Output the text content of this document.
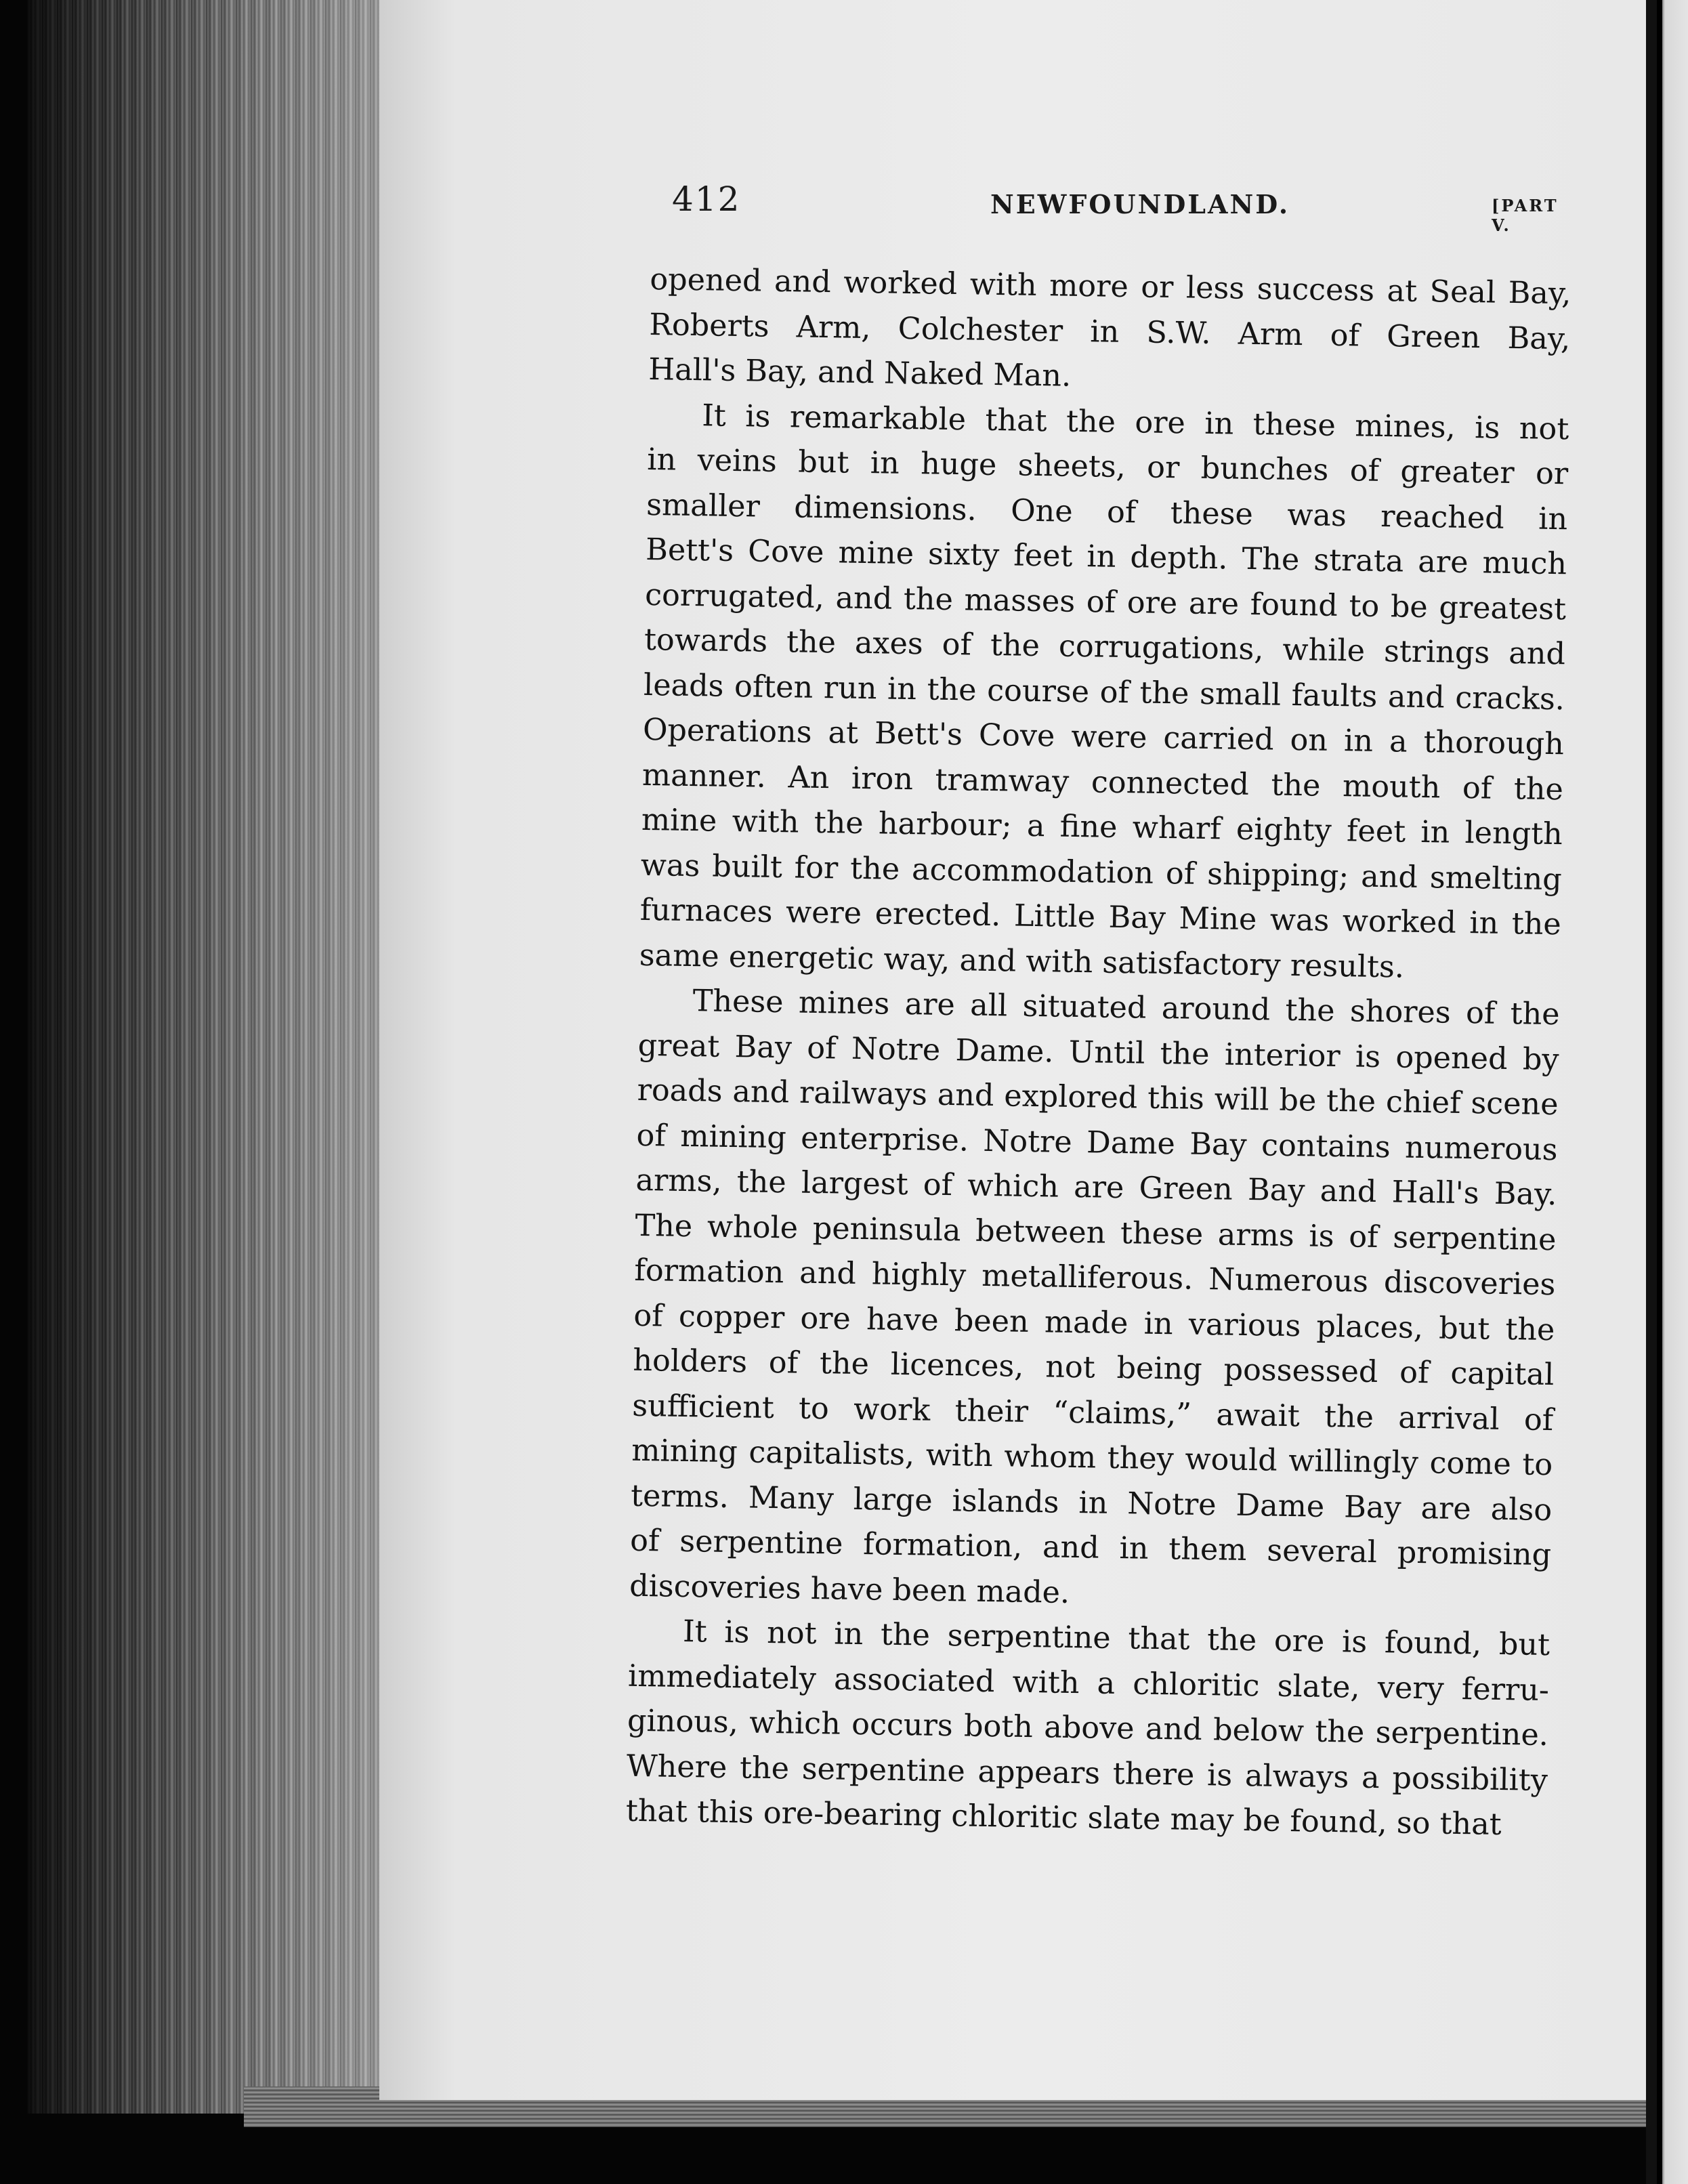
412	NEWFOUNDLAND.	[PART V.

opened and worked with more or less success at Seal Bay,
Roberts Arm, Colchester in S.W. Arm of Green Bay,
Hall's Bay, and Naked Man.

It is remarkable that the ore in these mines, is not
in veins but in huge sheets, or bunches of greater or
smaller dimensions. One of these was reached in
Bett's Cove mine sixty feet in depth. The strata are much
corrugated, and the masses of ore are found to be greatest
towards the axes of the corrugations, while strings and
leads often run in the course of the small faults and cracks.
Operations at Bett's Cove were carried on in a thorough
manner. An iron tramway connected the mouth of the
mine with the harbour; a fine wharf eighty feet in length
was built for the accommodation of shipping; and smelting
furnaces were erected. Little Bay Mine was worked in the
same energetic way, and with satisfactory results.

These mines are all situated around the shores of the
great Bay of Notre Dame. Until the interior is opened by
roads and railways and explored this will be the chief scene
of mining enterprise. Notre Dame Bay contains numerous
arms, the largest of which are Green Bay and Hall's Bay.
The whole peninsula between these arms is of serpentine
formation and highly metalliferous. Numerous discoveries
of copper ore have been made in various places, but the
holders of the licences, not being possessed of capital
sufficient to work their “claims,” await the arrival of
mining capitalists, with whom they would willingly come to
terms. Many large islands in Notre Dame Bay are also
of serpentine formation, and in them several promising
discoveries have been made.

It is not in the serpentine that the ore is found, but
immediately associated with a chloritic slate, very ferru-
ginous, which occurs both above and below the serpentine.
Where the serpentine appears there is always a possibility
that this ore-bearing chloritic slate may be found, so that
